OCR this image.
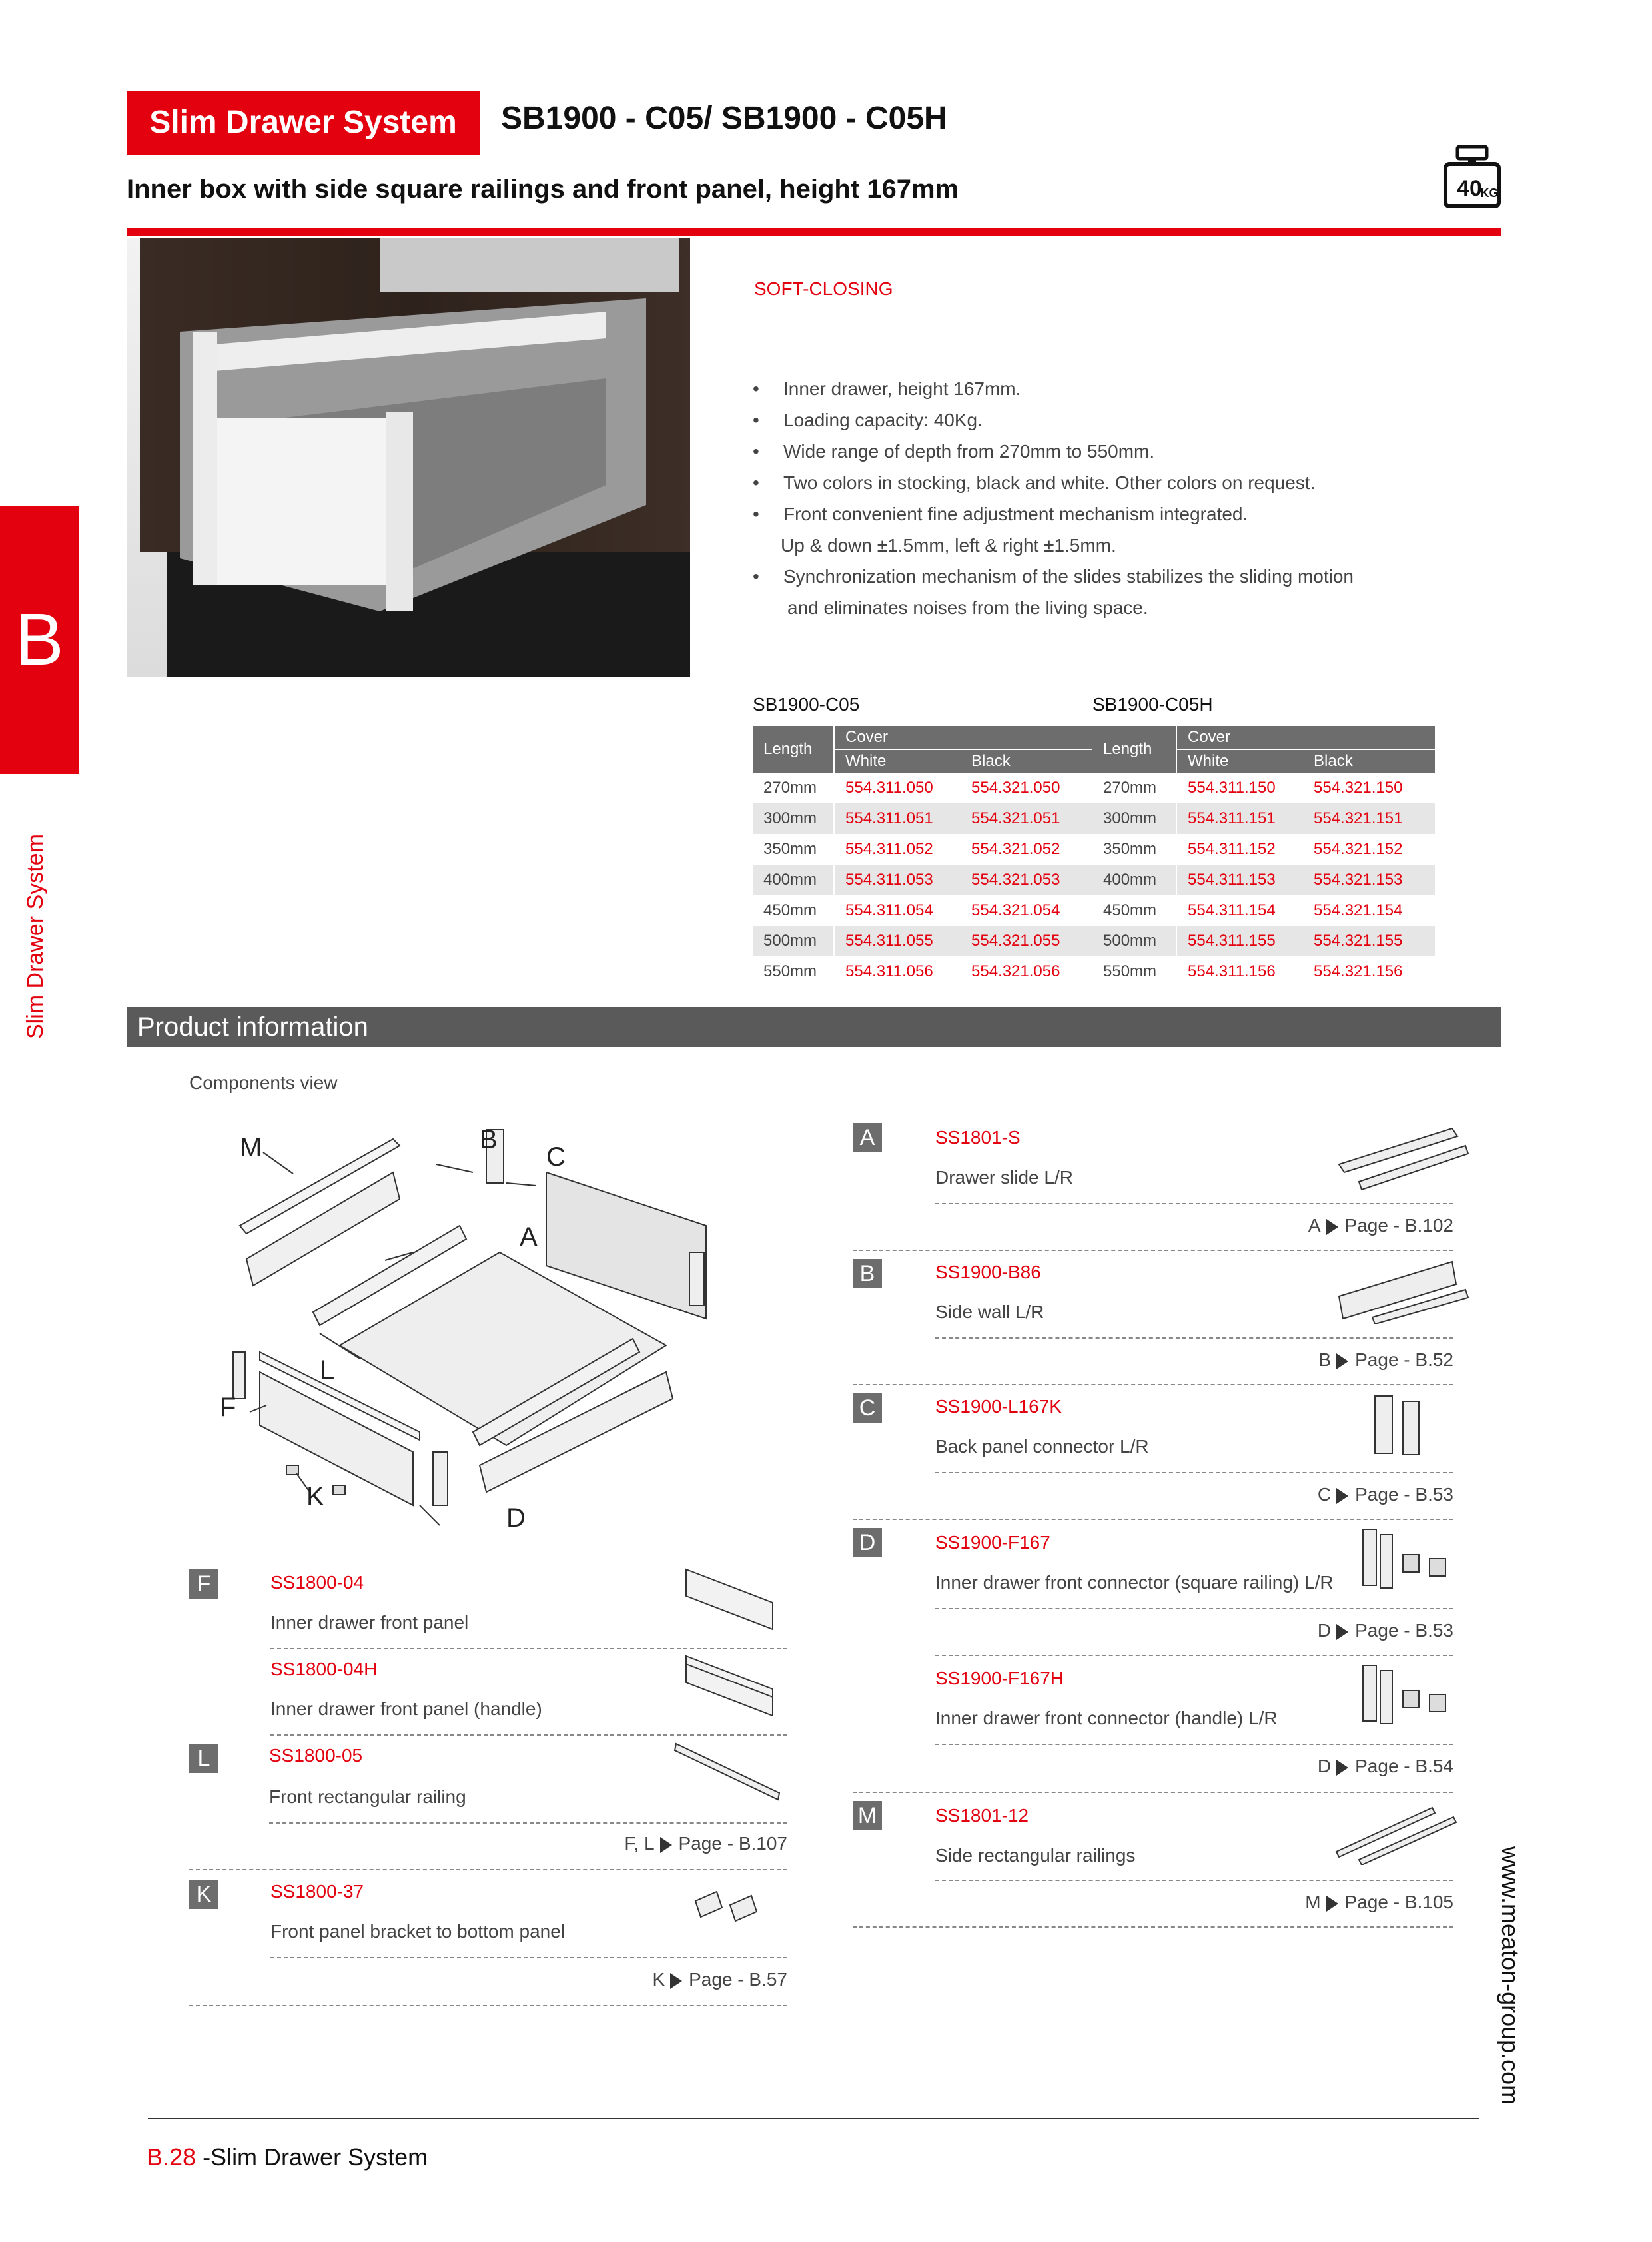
Slim Drawer System	SB1900 - C05/ SB1900 - C05H
Inner box with side square railings and front panel, height 167mm	40
KG
B
Slim Drawer System
SOFT-CLOSING
• Inner drawer, height 167mm.
• Loading capacity: 40Kg.
• Wide range of depth from 270mm to 550mm.
• Two colors in stocking, black and white. Other colors on request.
• Front convenient fine adjustment mechanism integrated.
Up & down ±1.5mm, left & right ±1.5mm.
• Synchronization mechanism of the slides stabilizes the sliding motion
and eliminates noises from the living space.
SB1900-C05	SB1900-C05H
Length	Cover	
	White	Black
270mm	554.311.050	554.321.050
300mm	554.311.051	554.321.051
350mm	554.311.052	554.321.052
400mm	554.311.053	554.321.053
450mm	554.311.054	554.321.054
500mm	554.311.055	554.321.055
550mm	554.311.056	554.321.056
Length	Cover	
	White	Black
270mm	554.311.150	554.321.150
300mm	554.311.151	554.321.151
350mm	554.311.152	554.321.152
400mm	554.311.153	554.321.153
450mm	554.311.154	554.321.154
500mm	554.311.155	554.321.155
550mm	554.311.156	554.321.156
Product information
Components view
M	B
C
A
L
F
K
D
F	SS1800-04
Inner drawer front panel
SS1800-04H
Inner drawer front panel (handle)
L	SS1800-05
Front rectangular railing
F, L Page - B.107
K	SS1800-37
Front panel bracket to bottom panel
K Page - B.57
A	SS1801-S
Drawer slide L/R
A Page - B.102
B	SS1900-B86
Side wall L/R
B Page - B.52
C	SS1900-L167K
Back panel connector L/R
C Page - B.53
D	SS1900-F167
Inner drawer front connector (square railing) L/R
D Page - B.53
SS1900-F167H
Inner drawer front connector (handle) L/R
D Page - B.54
M	SS1801-12
Side rectangular railings
M Page - B.105 www.meaton-group.com
B.28 -Slim Drawer System
